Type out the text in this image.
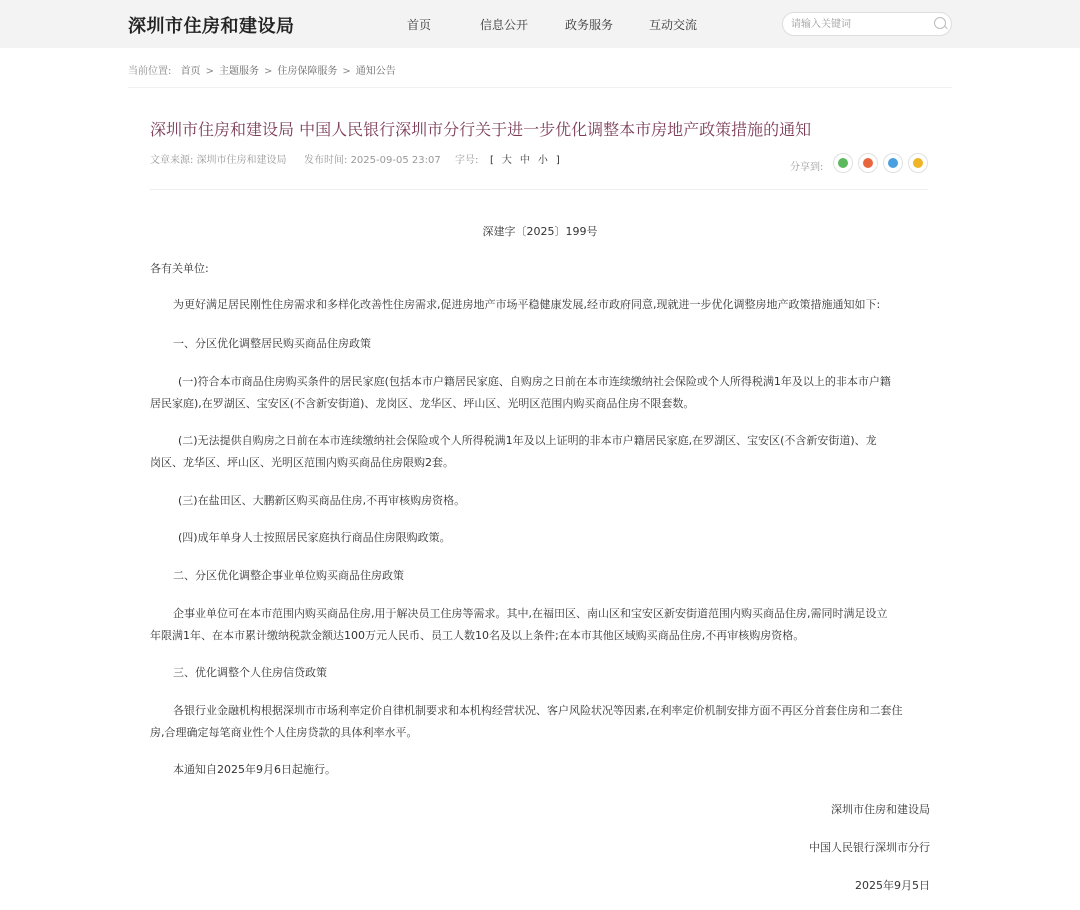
深圳市住房和建设局	首页	信息公开	政务服务	互动交流
请输入关键词
当前位置: 首页 > 主题服务 > 住房保障服务 > 通知公告
深圳市住房和建设局 中国人民银行深圳市分行关于进一步优化调整本市房地产政策措施的通知
文章来源: 深圳市住房和建设局 发布时间: 2025-09-05 23:07 字号:	[ 大 中 小 ]
分享到:
深建字〔2025〕199号

各有关单位:

为更好满足居民刚性住房需求和多样化改善性住房需求,促进房地产市场平稳健康发展,经市政府同意,现就进一步优化调整房地产政策措施通知如下:

一、分区优化调整居民购买商品住房政策

(一)符合本市商品住房购买条件的居民家庭(包括本市户籍居民家庭、自购房之日前在本市连续缴纳社会保险或个人所得税满1年及以上的非本市户籍

居民家庭),在罗湖区、宝安区(不含新安街道)、龙岗区、龙华区、坪山区、光明区范围内购买商品住房不限套数。

(二)无法提供自购房之日前在本市连续缴纳社会保险或个人所得税满1年及以上证明的非本市户籍居民家庭,在罗湖区、宝安区(不含新安街道)、龙

岗区、龙华区、坪山区、光明区范围内购买商品住房限购2套。

(三)在盐田区、大鹏新区购买商品住房,不再审核购房资格。

(四)成年单身人士按照居民家庭执行商品住房限购政策。

二、分区优化调整企事业单位购买商品住房政策

企事业单位可在本市范围内购买商品住房,用于解决员工住房等需求。其中,在福田区、南山区和宝安区新安街道范围内购买商品住房,需同时满足设立

年限满1年、在本市累计缴纳税款金额达100万元人民币、员工人数10名及以上条件;在本市其他区域购买商品住房,不再审核购房资格。

三、优化调整个人住房信贷政策

各银行业金融机构根据深圳市市场利率定价自律机制要求和本机构经营状况、客户风险状况等因素,在利率定价机制安排方面不再区分首套住房和二套住

房,合理确定每笔商业性个人住房贷款的具体利率水平。

本通知自2025年9月6日起施行。

深圳市住房和建设局
中国人民银行深圳市分行
2025年9月5日
